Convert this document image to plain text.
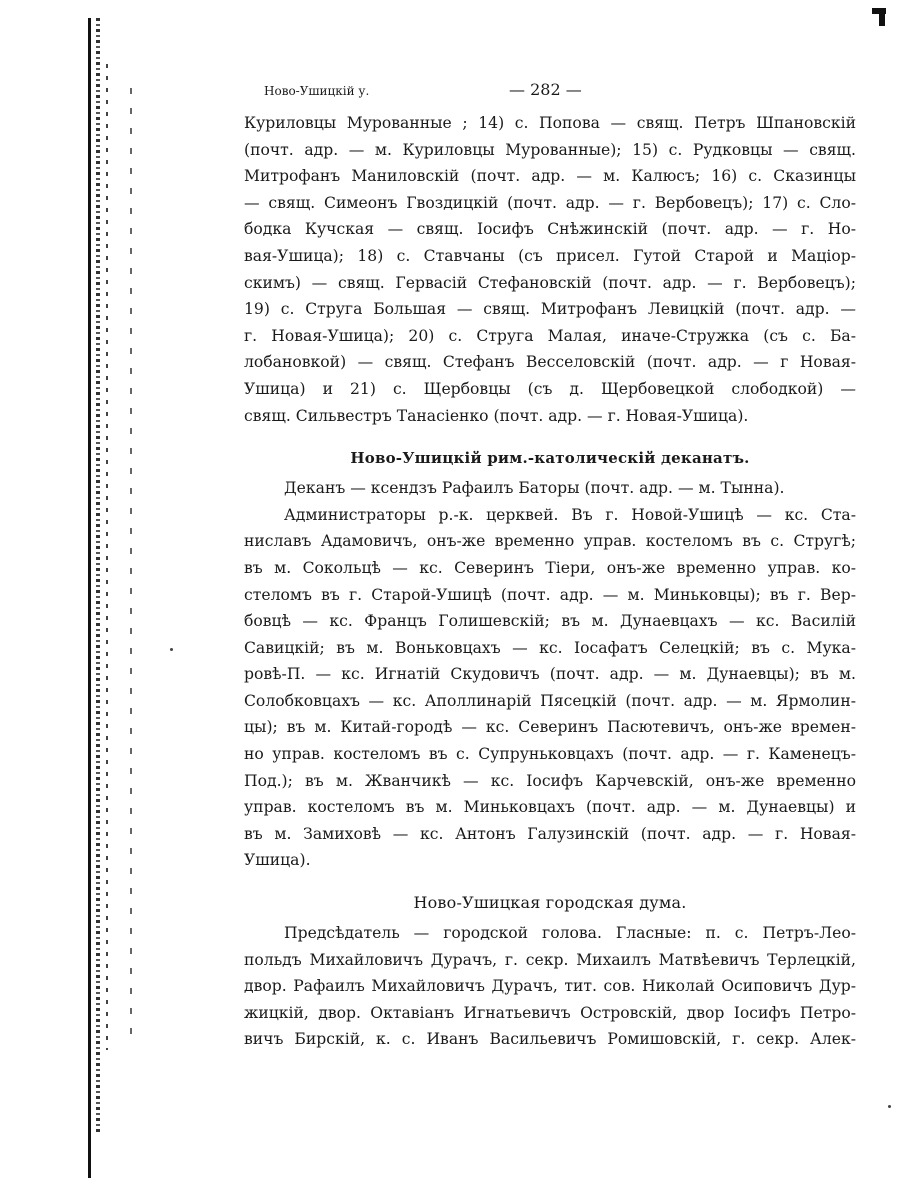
Ново-Ушицкій у.	— 282 —
Куриловцы Мурованные ; 14) с. Попова — свящ. Петръ Шпановскій
(почт. адр. — м. Куриловцы Мурованные); 15) с. Рудковцы — свящ.
Митрофанъ Маниловскій (почт. адр. — м. Калюсъ; 16) с. Сказинцы
— свящ. Симеонъ Гвоздицкій (почт. адр. — г. Вербовецъ); 17) с. Сло-
бодка Кучская — свящ. Іосифъ Снѣжинскій (почт. адр. — г. Но-
вая-Ушица); 18) с. Ставчаны (съ присел. Гутой Старой и Маціор-
скимъ) — свящ. Гервасій Стефановскій (почт. адр. — г. Вербовецъ);
19) с. Струга Большая — свящ. Митрофанъ Левицкій (почт. адр. —
г. Новая-Ушица); 20) с. Струга Малая, иначе-Стружка (съ с. Ба-
лобановкой) — свящ. Стефанъ Весселовскій (почт. адр. — г Новая-
Ушица) и 21) с. Щербовцы (съ д. Щербовецкой слободкой) —
свящ. Сильвестръ Танасіенко (почт. адр. — г. Новая-Ушица).
Ново-Ушицкій рим.-католическій деканатъ.
Деканъ — ксендзъ Рафаилъ Баторы (почт. адр. — м. Тынна).
Администраторы р.-к. церквей. Въ г. Новой-Ушицѣ — кс. Ста-
ниславъ Адамовичъ, онъ-же временно управ. костеломъ въ с. Стругѣ;
въ м. Сокольцѣ — кс. Северинъ Тіери, онъ-же временно управ. ко-
стеломъ въ г. Старой-Ушицѣ (почт. адр. — м. Миньковцы); въ г. Вер-
бовцѣ — кс. Францъ Голишевскій; въ м. Дунаевцахъ — кс. Василій
Савицкій; въ м. Воньковцахъ — кс. Іосафатъ Селецкій; въ с. Мука-
ровѣ-П. — кс. Игнатій Скудовичъ (почт. адр. — м. Дунаевцы); въ м.
Солобковцахъ — кс. Аполлинарій Пясецкій (почт. адр. — м. Ярмолин-
цы); въ м. Китай-городѣ — кс. Северинъ Пасютевичъ, онъ-же времен-
но управ. костеломъ въ с. Супруньковцахъ (почт. адр. — г. Каменецъ-
Под.); въ м. Жванчикѣ — кс. Іосифъ Карчевскій, онъ-же временно
управ. костеломъ въ м. Миньковцахъ (почт. адр. — м. Дунаевцы) и
въ м. Замиховѣ — кс. Антонъ Галузинскій (почт. адр. — г. Новая-
Ушица).
Ново-Ушицкая городская дума.
Предсѣдатель — городской голова. Гласные: п. с. Петръ-Лео-
польдъ Михайловичъ Дурачъ, г. секр. Михаилъ Матвѣевичъ Терлецкій,
двор. Рафаилъ Михайловичъ Дурачъ, тит. сов. Николай Осиповичъ Дур-
жицкій, двор. Октавіанъ Игнатьевичъ Островскій, двор Іосифъ Петро-
вичъ Бирскій, к. с. Иванъ Васильевичъ Ромишовскій, г. секр. Алек-
